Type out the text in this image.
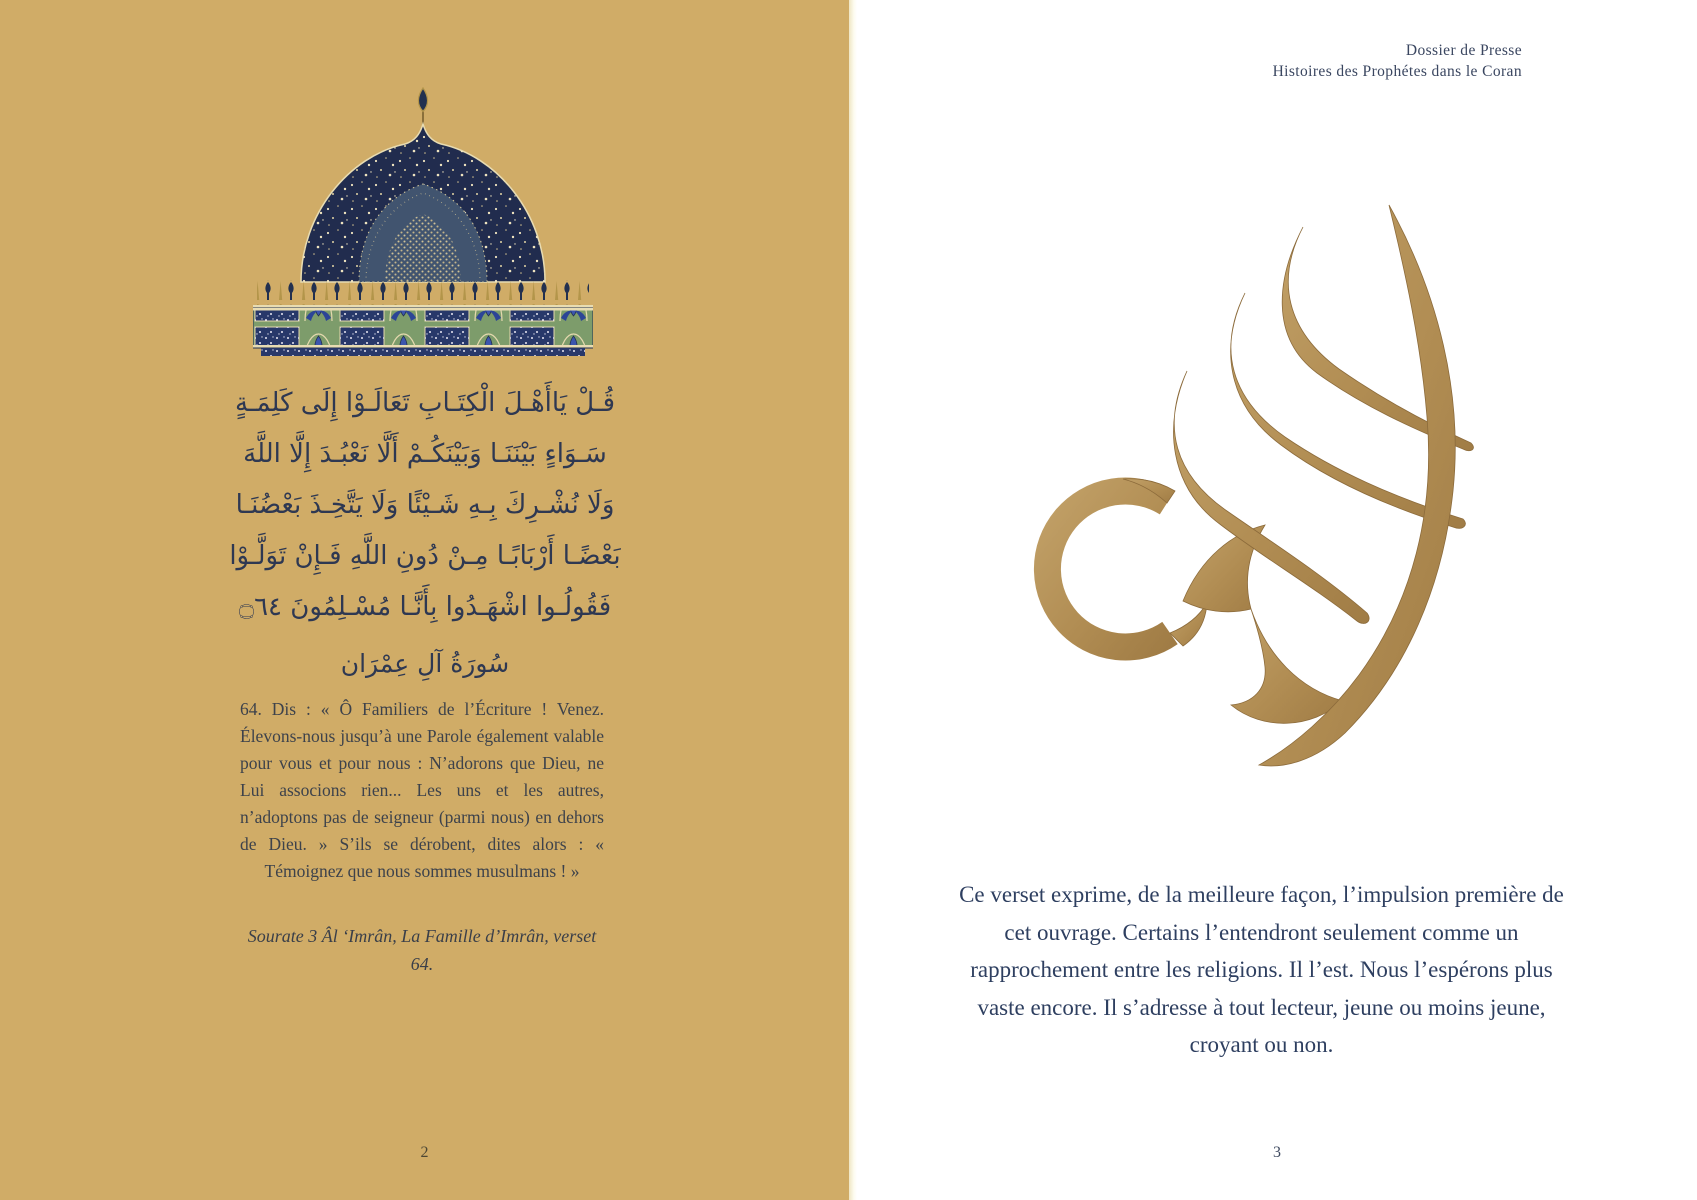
قُـلْ يَاأَهْـلَ الْكِتَـابِ تَعَالَـوْا إِلَى كَلِمَـةٍ
سَـوَاءٍ بَيْنَنَـا وَبَيْنَكُـمْ أَلَّا نَعْبُـدَ إِلَّا اللَّهَ
وَلَا نُشْـرِكَ بِـهِ شَـيْئًا وَلَا يَتَّخِـذَ بَعْضُنَـا
بَعْضًـا أَرْبَابًـا مِـنْ دُونِ اللَّهِ فَـإِنْ تَوَلَّـوْا
فَقُولُـوا اشْهَـدُوا بِأَنَّـا مُسْـلِمُونَ ۝٦٤
سُورَةُ آلِ عِمْرَان

64. Dis : « Ô Familiers de l’Écriture ! Venez. Élevons-nous jusqu’à une Parole également valable pour vous et pour nous : N’adorons que Dieu, ne Lui associons rien... Les uns et les autres, n’adoptons pas de seigneur (parmi nous) en dehors de Dieu. » S’ils se dérobent, dites alors : « Témoignez que nous sommes musulmans ! »

Sourate 3 Âl ‘Imrân, La Famille d’Imrân, verset 64.

2
Dossier de Presse
Histoires des Prophétes dans le Coran

Ce verset exprime, de la meilleure façon, l’impulsion première de cet ouvrage. Certains l’entendront seulement comme un rapprochement entre les religions. Il l’est. Nous l’espérons plus vaste encore. Il s’adresse à tout lecteur, jeune ou moins jeune, croyant ou non.

3
